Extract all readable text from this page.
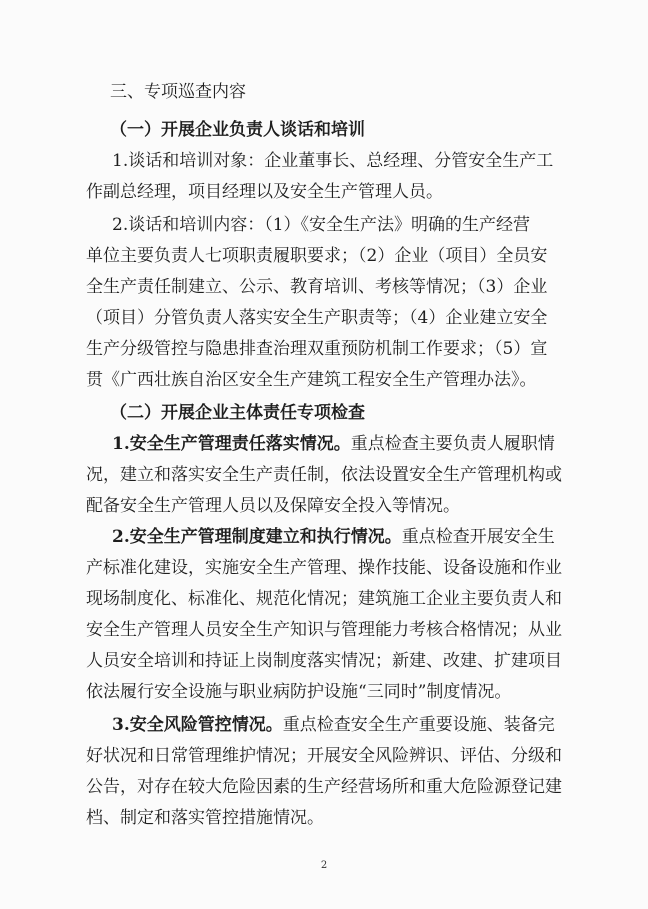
三、专项巡查内容
（一）开展企业负责人谈话和培训
1.谈话和培训对象：企业董事长、总经理、分管安全生产工
作副总经理，项目经理以及安全生产管理人员。
2.谈话和培训内容：（1）《安全生产法》明确的生产经营
单位主要负责人七项职责履职要求；（2）企业（项目）全员安
全生产责任制建立、公示、教育培训、考核等情况；（3）企业
（项目）分管负责人落实安全生产职责等；（4）企业建立安全
生产分级管控与隐患排查治理双重预防机制工作要求；（5）宣
贯《广西壮族自治区安全生产建筑工程安全生产管理办法》。
（二）开展企业主体责任专项检查
1.安全生产管理责任落实情况。重点检查主要负责人履职情
况，建立和落实安全生产责任制，依法设置安全生产管理机构或
配备安全生产管理人员以及保障安全投入等情况。
2.安全生产管理制度建立和执行情况。重点检查开展安全生
产标准化建设，实施安全生产管理、操作技能、设备设施和作业
现场制度化、标准化、规范化情况；建筑施工企业主要负责人和
安全生产管理人员安全生产知识与管理能力考核合格情况；从业
人员安全培训和持证上岗制度落实情况；新建、改建、扩建项目
依法履行安全设施与职业病防护设施“三同时”制度情况。
3.安全风险管控情况。重点检查安全生产重要设施、装备完
好状况和日常管理维护情况；开展安全风险辨识、评估、分级和
公告，对存在较大危险因素的生产经营场所和重大危险源登记建
档、制定和落实管控措施情况。
2
